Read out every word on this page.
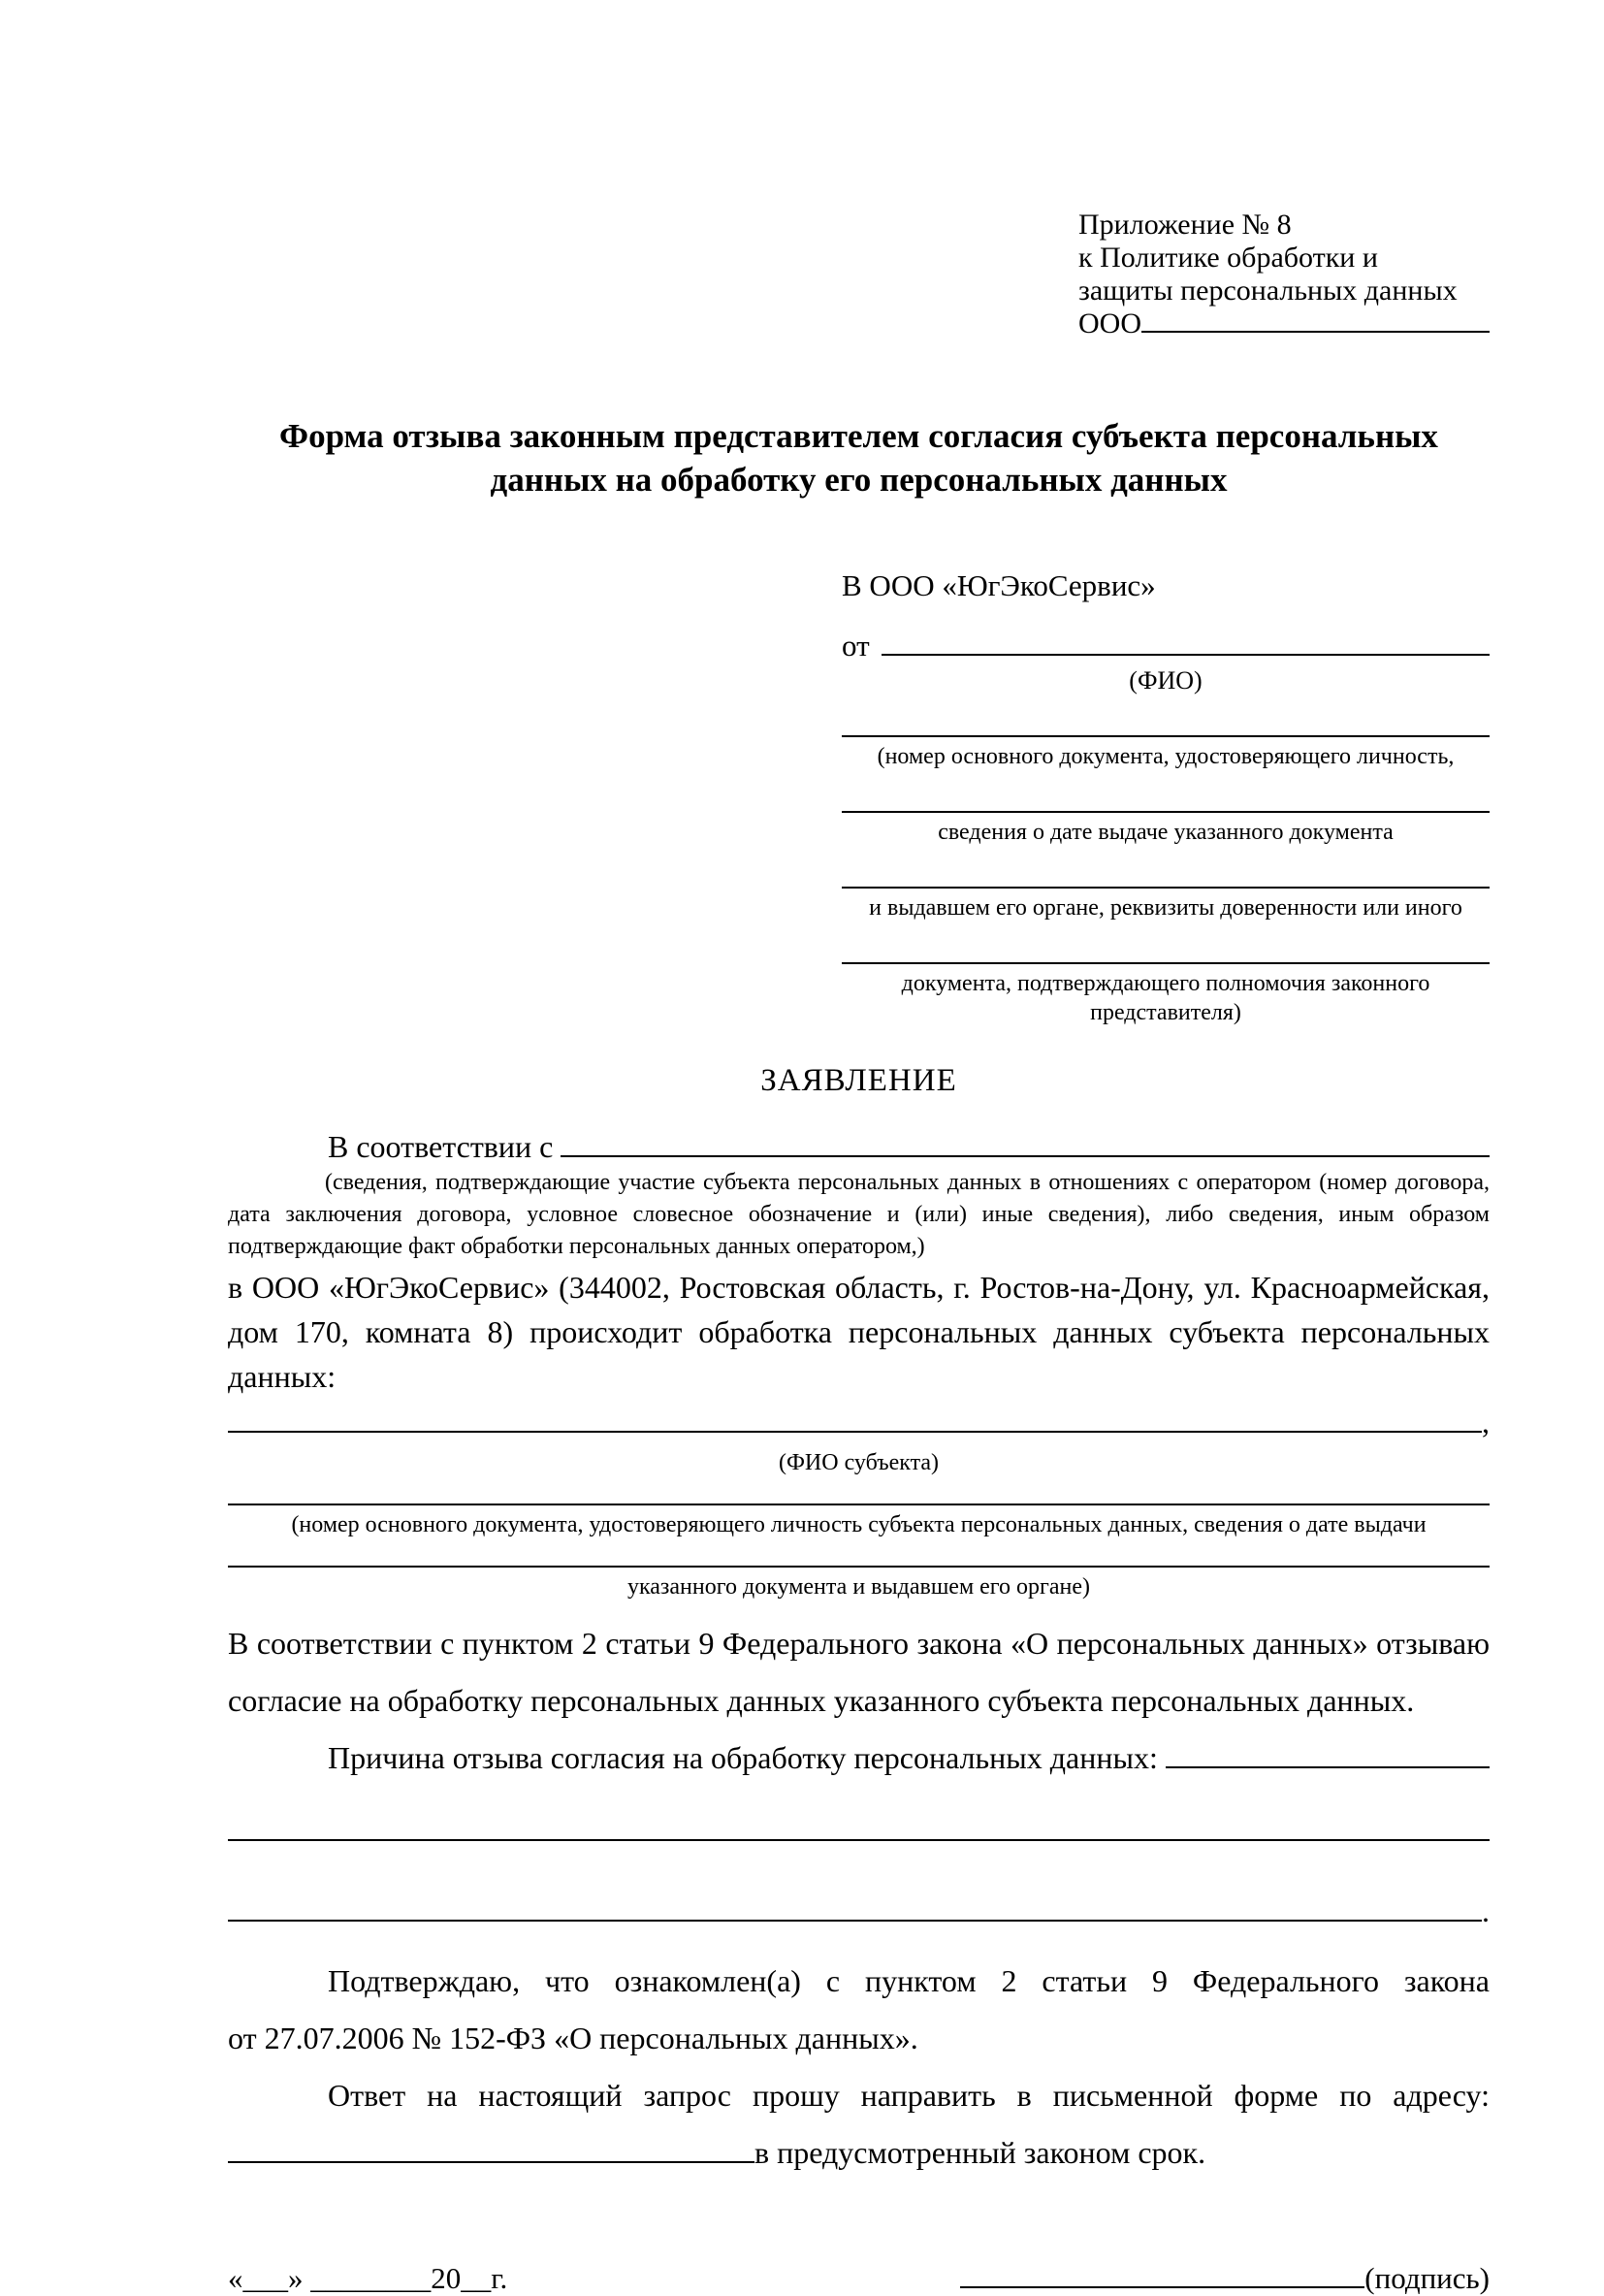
Приложение № 8
к Политике обработки и
защиты персональных данных
ООО
Форма отзыва законным представителем согласия субъекта персональных данных на обработку его персональных данных
В ООО «ЮгЭкоСервис»
от
(ФИО)
(номер основного документа, удостоверяющего личность,
сведения о дате выдаче указанного документа
и выдавшем его органе, реквизиты доверенности или иного
документа, подтверждающего полномочия законного представителя)
ЗАЯВЛЕНИЕ
В соответствии с
(сведения, подтверждающие участие субъекта персональных данных в отношениях с оператором (номер договора, дата заключения договора, условное словесное обозначение и (или) иные сведения), либо сведения, иным образом подтверждающие факт обработки персональных данных оператором,)
в ООО «ЮгЭкоСервис» (344002, Ростовская область, г. Ростов-на-Дону, ул. Красноармейская, дом 170, комната 8) происходит обработка персональных данных субъекта персональных данных:
,
(ФИО субъекта)
(номер основного документа, удостоверяющего личность субъекта персональных данных, сведения о дате выдачи
указанного документа и выдавшем его органе)
В соответствии с пунктом 2 статьи 9 Федерального закона «О персональных данных» отзываю согласие на обработку персональных данных указанного субъекта персональных данных.
Причина отзыва согласия на обработку персональных данных:
.
Подтверждаю, что ознакомлен(а) с пунктом 2 статьи 9 Федерального закона
от 27.07.2006 № 152-ФЗ «О персональных данных».
Ответ на настоящий запрос прошу направить в письменной форме по адресу:
в предусмотренный законом срок.
«___» ________20__г.	(подпись)
